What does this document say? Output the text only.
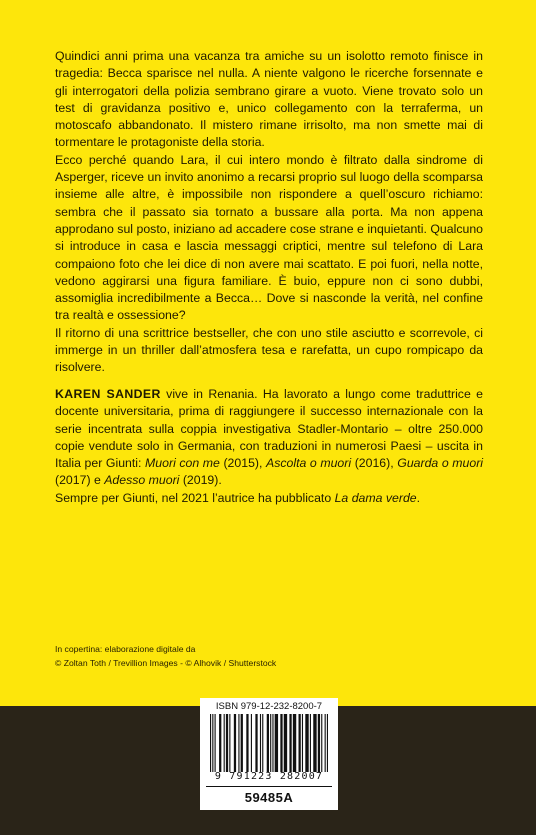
Quindici anni prima una vacanza tra amiche su un isolotto remoto finisce in tragedia: Becca sparisce nel nulla. A niente valgono le ricerche forsennate e gli interrogatori della polizia sembrano girare a vuoto. Viene trovato solo un test di gravidanza positivo e, unico collegamento con la terraferma, un motoscafo abbandonato. Il mistero rimane irrisolto, ma non smette mai di tormentare le protagoniste della storia.

Ecco perché quando Lara, il cui intero mondo è filtrato dalla sindrome di Asperger, riceve un invito anonimo a recarsi proprio sul luogo della scomparsa insieme alle altre, è impossibile non rispondere a quell’oscuro richiamo: sembra che il passato sia tornato a bussare alla porta. Ma non appena approdano sul posto, iniziano ad accadere cose strane e inquietanti. Qualcuno si introduce in casa e lascia messaggi criptici, mentre sul telefono di Lara compaiono foto che lei dice di non avere mai scattato. E poi fuori, nella notte, vedono aggirarsi una figura familiare. È buio, eppure non ci sono dubbi, assomiglia incredibilmente a Becca… Dove si nasconde la verità, nel confine tra realtà e ossessione?

Il ritorno di una scrittrice bestseller, che con uno stile asciutto e scorrevole, ci immerge in un thriller dall’atmosfera tesa e rarefatta, un cupo rompicapo da risolvere.

KAREN SANDER vive in Renania. Ha lavorato a lungo come traduttrice e docente universitaria, prima di raggiungere il successo internazionale con la serie incentrata sulla coppia investigativa Stadler-Montario – oltre 250.000 copie vendute solo in Germania, con traduzioni in numerosi Paesi – uscita in Italia per Giunti: Muori con me (2015), Ascolta o muori (2016), Guarda o muori (2017) e Adesso muori (2019).

Sempre per Giunti, nel 2021 l’autrice ha pubblicato La dama verde.

In copertina: elaborazione digitale da
© Zoltan Toth / Trevillion Images - © Alhovik / Shutterstock
ISBN 979-12-232-8200-7
9 791223 282007
59485A
